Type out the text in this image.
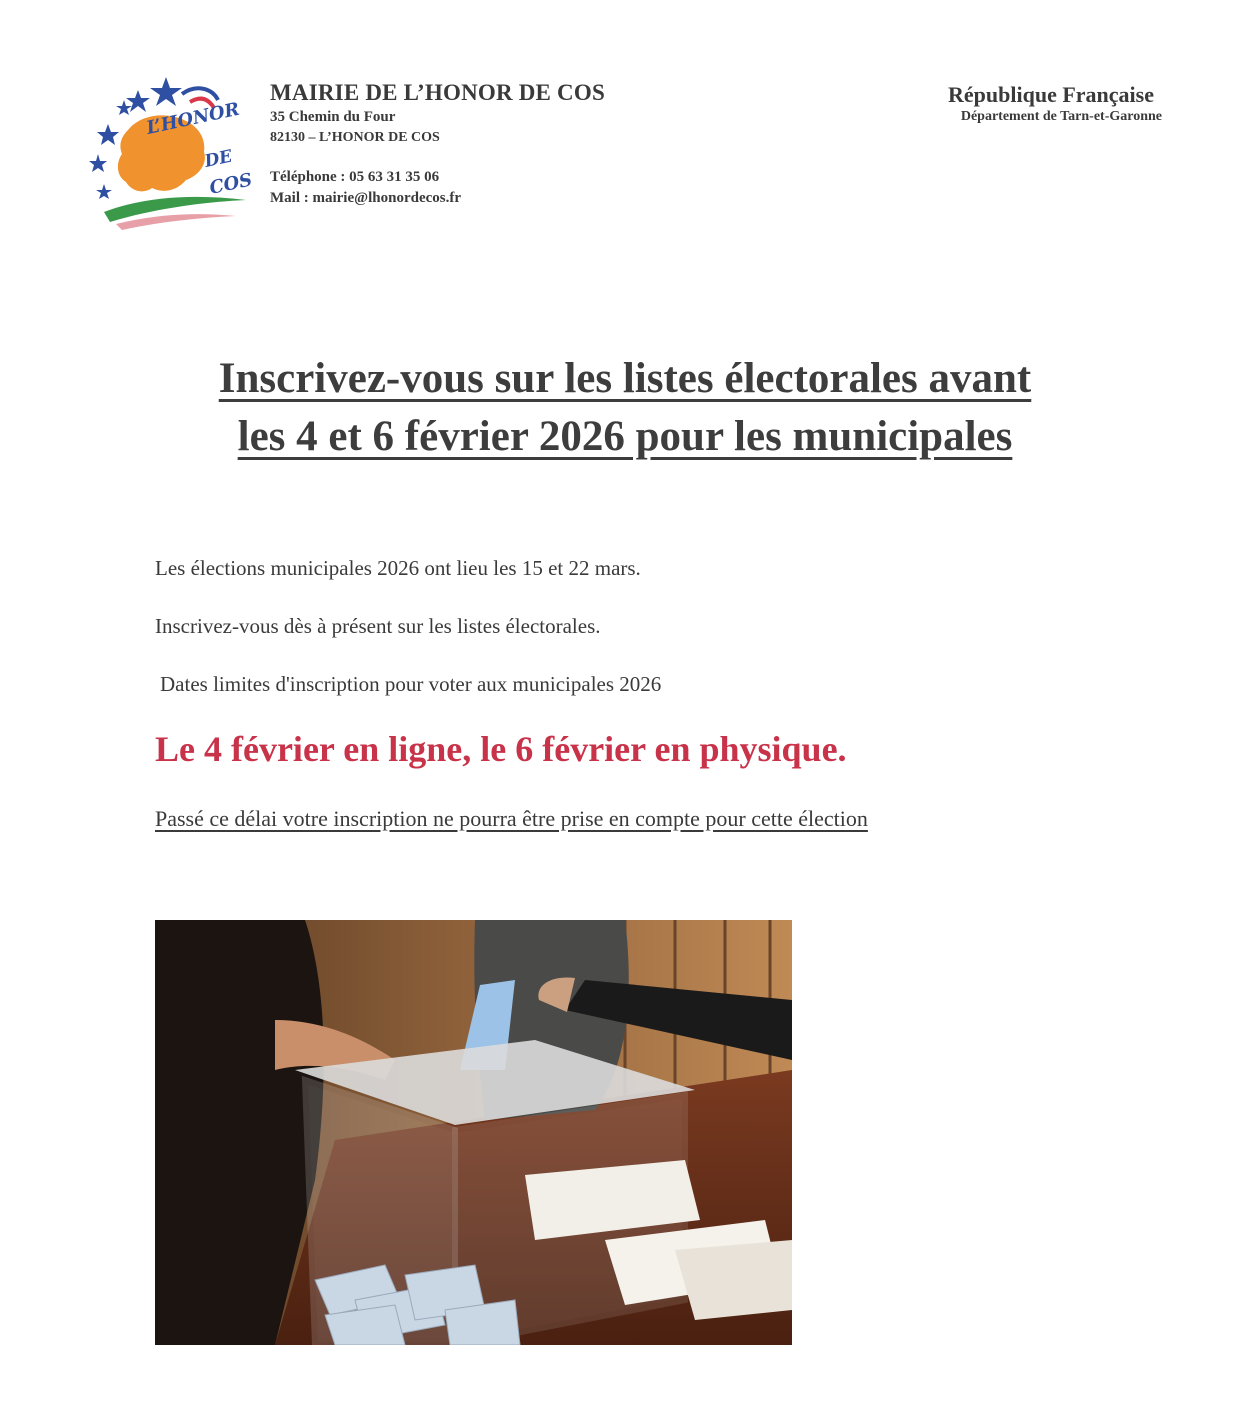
L’HONOR
DE
COS
MAIRIE DE L’HONOR DE COS
35 Chemin du Four
82130 – L’HONOR DE COS
Téléphone : 05 63 31 35 06
Mail : mairie@lhonordecos.fr
République Française
Département de Tarn-et-Garonne
Inscrivez-vous sur les listes électorales avant
les 4 et 6 février 2026 pour les municipales
Les élections municipales 2026 ont lieu les 15 et 22 mars.
Inscrivez-vous dès à présent sur les listes électorales.
Dates limites d'inscription pour voter aux municipales 2026
Le 4 février en ligne, le 6 février en physique.
Passé ce délai votre inscription ne pourra être prise en compte pour cette élection
